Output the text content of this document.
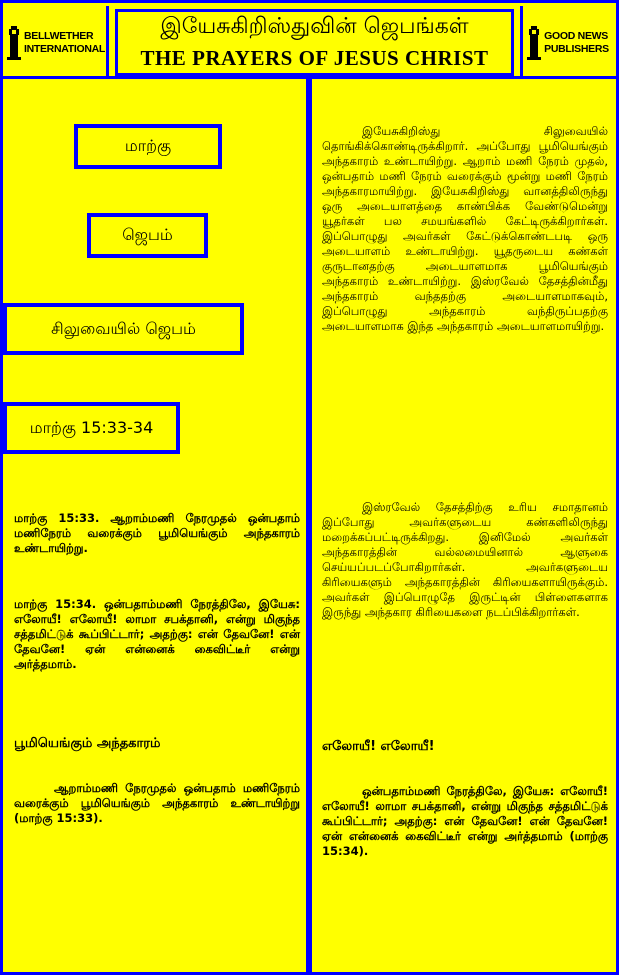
BELLWETHER
INTERNATIONAL
இயேசுகிறிஸ்துவின் ஜெபங்கள்
THE PRAYERS OF JESUS CHRIST
GOOD NEWS
PUBLISHERS
மாற்கு
ஜெபம்
சிலுவையில் ஜெபம்
மாற்கு 15:33-34

மாற்கு 15:33. ஆறாம்மணி நேரமுதல் ஒன்பதாம் மணிநேரம் வரைக்கும் பூமியெங்கும் அந்தகாரம் உண்டாயிற்று.

மாற்கு 15:34. ஒன்பதாம்மணி நேரத்திலே, இயேசு: எலோயீ! எலோயீ! லாமா சபக்தானி, என்று மிகுந்த சத்தமிட்டுக் கூப்பிட்டார்; அதற்கு: என் தேவனே! என் தேவனே! ஏன் என்னைக் கைவிட்டீர் என்று அர்த்தமாம்.

பூமியெங்கும் அந்தகாரம்

ஆறாம்மணி நேரமுதல் ஒன்பதாம் மணிநேரம் வரைக்கும் பூமியெங்கும் அந்தகாரம் உண்டாயிற்று (மாற்கு 15:33).

இயேசுகிறிஸ்து சிலுவையில் தொங்கிக்கொண்டிருக்கிறார். அப்போது பூமியெங்கும் அந்தகாரம் உண்டாயிற்று. ஆறாம் மணி நேரம் முதல், ஒன்பதாம் மணி நேரம் வரைக்கும் மூன்று மணி நேரம் அந்தகாரமாயிற்று. இயேசுகிறிஸ்து வானத்திலிருந்து ஒரு அடையாளத்தை காண்பிக்க வேண்டுமென்று யூதர்கள் பல சமயங்களில் கேட்டிருக்கிறார்கள். இப்பொழுது அவர்கள் கேட்டுக்கொண்டபடி ஒரு அடையாளம் உண்டாயிற்று. யூதருடைய கண்கள் குருடானதற்கு அடையாளமாக பூமியெங்கும் அந்தகாரம் உண்டாயிற்று. இஸ்ரவேல் தேசத்தின்மீது அந்தகாரம் வந்ததற்கு அடையாளமாகவும், இப்பொழுது அந்தகாரம் வந்திருப்பதற்கு அடையாளமாக இந்த அந்தகாரம் அடையாளமாயிற்று.

இஸ்ரவேல் தேசத்திற்கு உரிய சமாதானம் இப்போது அவர்களுடைய கண்களிலிருந்து மறைக்கப்பட்டிருக்கிறது. இனிமேல் அவர்கள் அந்தகாரத்தின் வல்லமையினால் ஆளுகை செய்யப்படப்போகிறார்கள். அவர்களுடைய கிரியைகளும் அந்தகாரத்தின் கிரியைகளாயிருக்கும். அவர்கள் இப்பொழுதே இருட்டின் பிள்ளைகளாக இருந்து அந்தகார கிரியைகளை நடப்பிக்கிறார்கள்.

எலோயீ! எலோயீ!

ஒன்பதாம்மணி நேரத்திலே, இயேசு: எலோயீ! எலோயீ! லாமா சபக்தானி, என்று மிகுந்த சத்தமிட்டுக் கூப்பிட்டார்; அதற்கு: என் தேவனே! என் தேவனே! ஏன் என்னைக் கைவிட்டீர் என்று அர்த்தமாம் (மாற்கு 15:34).
